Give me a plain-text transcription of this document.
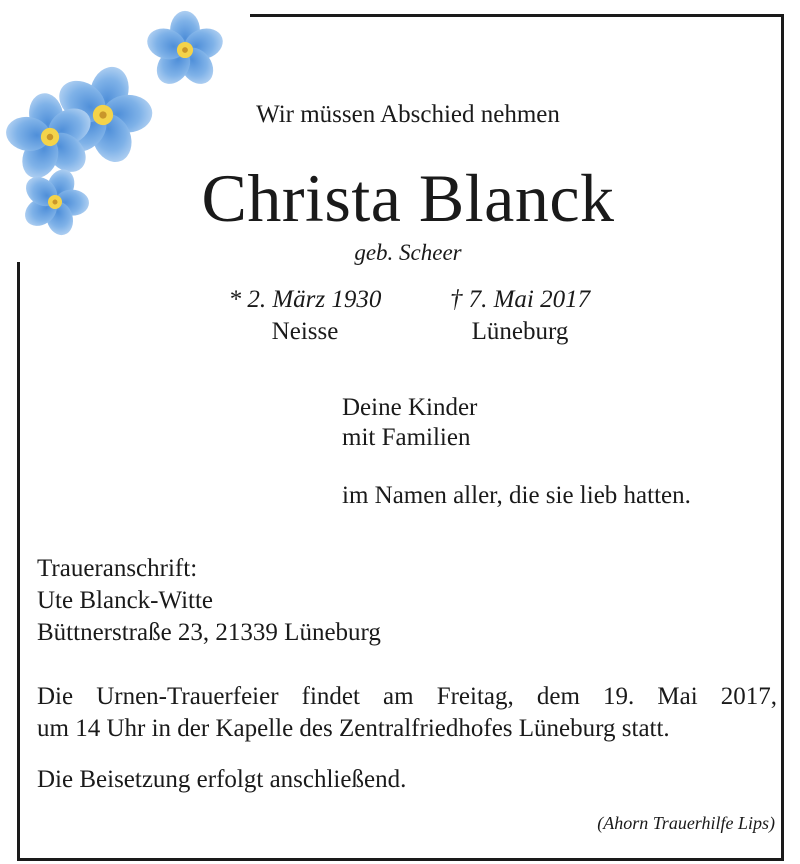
Wir müssen Abschied nehmen

Christa Blanck

geb. Scheer

* 2. März 1930
Neisse
† 7. Mai 2017
Lüneburg
Deine Kinder
mit Familien

im Namen aller, die sie lieb hatten.

Traueranschrift:
Ute Blanck-Witte
Büttnerstraße 23, 21339 Lüneburg
Die Urnen-Trauerfeier findet am Freitag, dem 19. Mai 2017,
um 14 Uhr in der Kapelle des Zentralfriedhofes Lüneburg statt.

Die Beisetzung erfolgt anschließend.

(Ahorn Trauerhilfe Lips)
